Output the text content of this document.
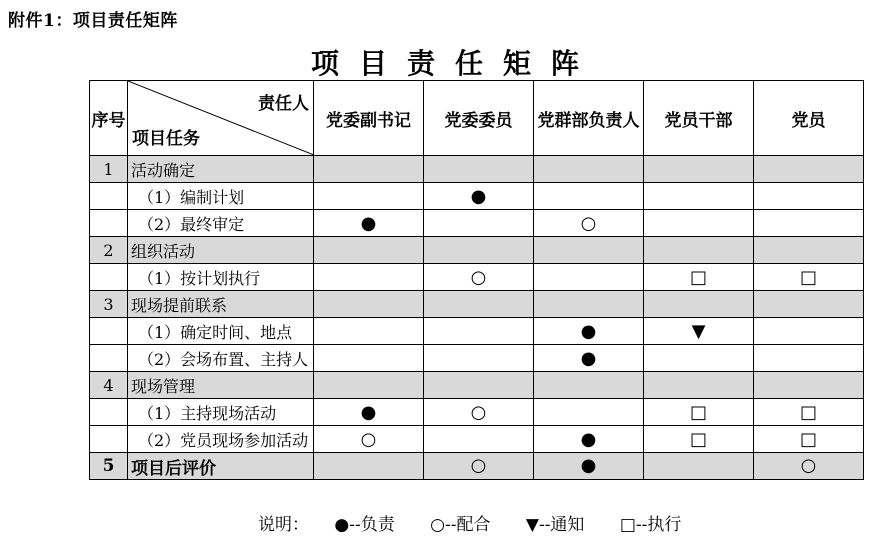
附件1：项目责任矩阵
项 目 责 任 矩 阵
序号	责任人
项目任务	党委副书记	党委委员	党群部负责人	党员干部	党员
1	活动确定					
	（1）编制计划		●			
	（2）最终审定	●		○		
2	组织活动					
	（1）按计划执行		○		□	□
3	现场提前联系					
	（1）确定时间、地点			●	▼	
	（2）会场布置、主持人			●		
4	现场管理					
	（1）主持现场活动	●	○		□	□
	（2）党员现场参加活动	○		●	□	□
5	项目后评价		○	●		○
说明： ●--负责 ○--配合 ▼--通知 □--执行
